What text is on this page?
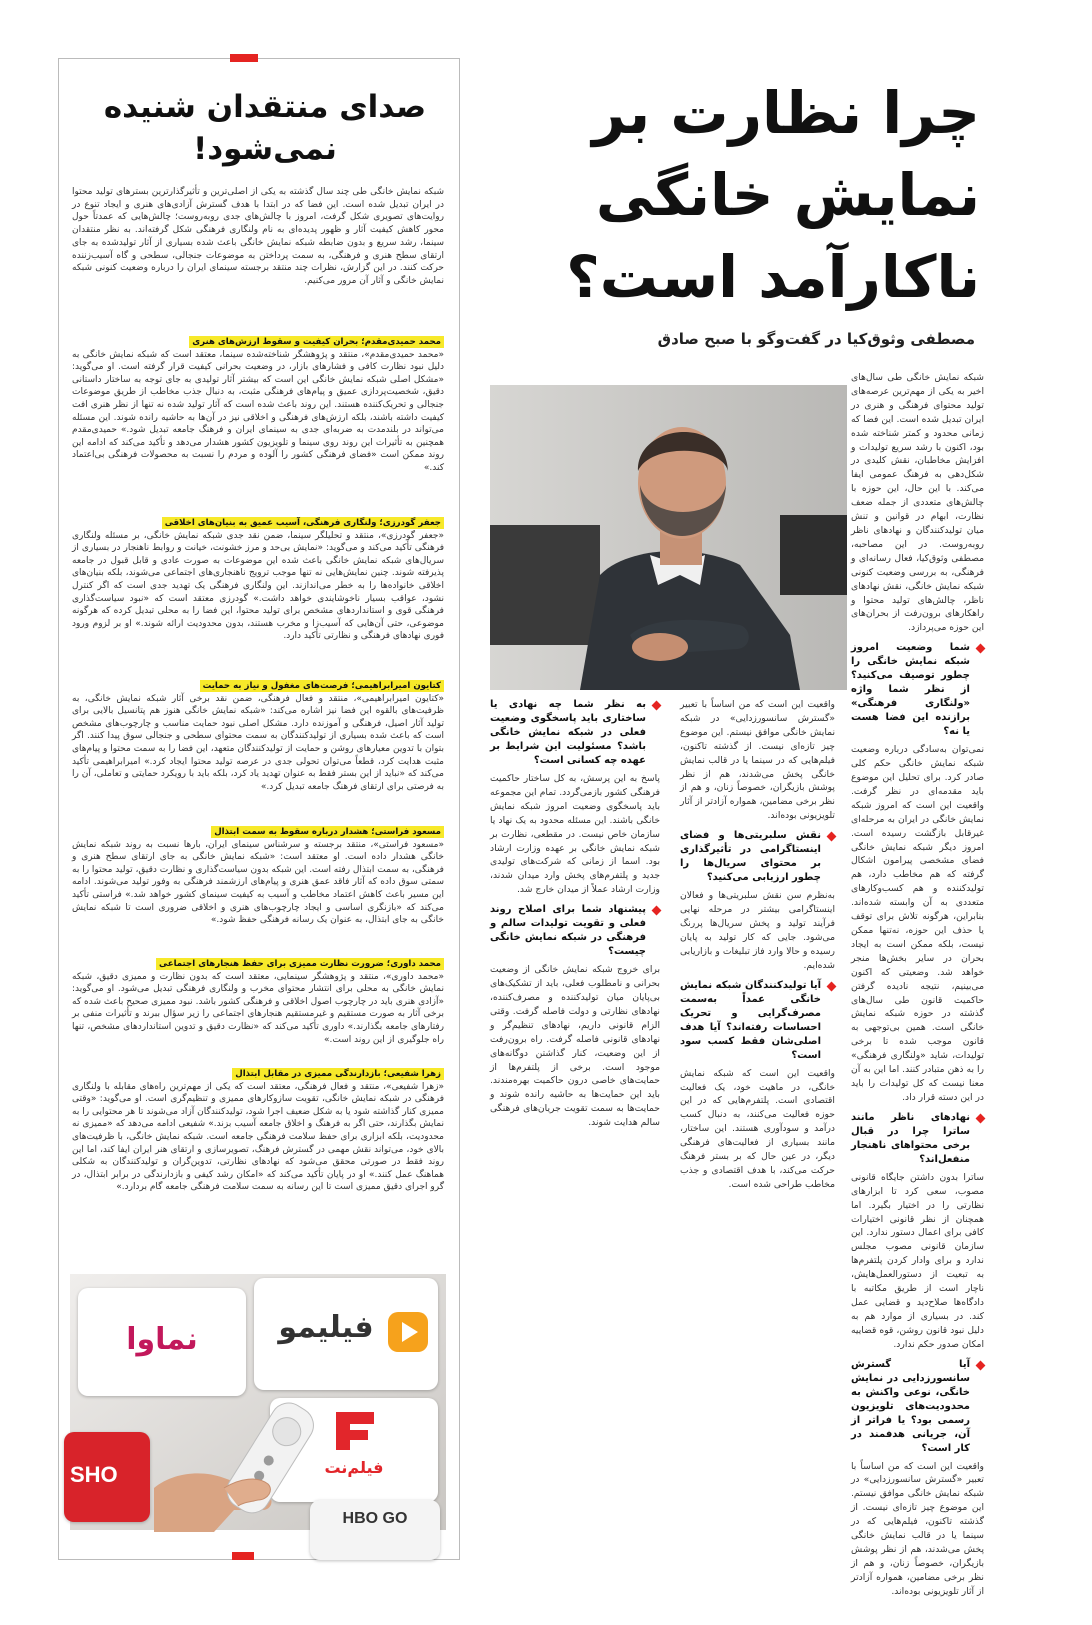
صدای منتقدان شنیده نمی‌شود!
شبکه نمایش خانگی طی چند سال گذشته به یکی از اصلی‌ترین و تأثیرگذارترین بسترهای تولید محتوا در ایران تبدیل شده است. این فضا که در ابتدا با هدف گسترش آزادی‌های هنری و ایجاد تنوع در روایت‌های تصویری شکل گرفت، امروز با چالش‌های جدی روبه‌روست؛ چالش‌هایی که عمدتاً حول محور کاهش کیفیت آثار و ظهور پدیده‌ای به نام ولنگاری فرهنگی شکل گرفته‌اند. به نظر منتقدان سینما، رشد سریع و بدون ضابطه شبکه نمایش خانگی باعث شده بسیاری از آثار تولیدشده به جای ارتقای سطح هنری و فرهنگی، به سمت پرداختن به موضوعات جنجالی، سطحی و گاه آسیب‌زننده حرکت کنند. در این گزارش، نظرات چند منتقد برجسته سینمای ایران را درباره وضعیت کنونی شبکه نمایش خانگی و آثار آن مرور می‌کنیم.
محمد حمیدی‌مقدم؛ بحران کیفیت و سقوط ارزش‌های هنری

«محمد حمیدی‌مقدم»، منتقد و پژوهشگر شناخته‌شده سینما، معتقد است که شبکه نمایش خانگی به دلیل نبود نظارت کافی و فشارهای بازار، در وضعیت بحرانی کیفیت قرار گرفته است. او می‌گوید: «مشکل اصلی شبکه نمایش خانگی این است که بیشتر آثار تولیدی به جای توجه به ساختار داستانی دقیق، شخصیت‌پردازی عمیق و پیام‌های فرهنگی مثبت، به دنبال جذب مخاطب از طریق موضوعات جنجالی و تحریک‌کننده هستند. این روند باعث شده است که آثار تولید شده نه تنها از نظر هنری افت کیفیت داشته باشند، بلکه ارزش‌های فرهنگی و اخلاقی نیز در آن‌ها به حاشیه رانده شوند. این مسئله می‌تواند در بلندمدت به ضربه‌ای جدی به سینمای ایران و فرهنگ جامعه تبدیل شود.» حمیدی‌مقدم همچنین به تأثیرات این روند روی سینما و تلویزیون کشور هشدار می‌دهد و تأکید می‌کند که ادامه این روند ممکن است «فضای فرهنگی کشور را آلوده و مردم را نسبت به محصولات فرهنگی بی‌اعتماد کند.»

جعفر گودرزی؛ ولنگاری فرهنگی، آسیب عمیق به بنیان‌های اخلاقی

«جعفر گودرزی»، منتقد و تحلیلگر سینما، ضمن نقد جدی شبکه نمایش خانگی، بر مسئله ولنگاری فرهنگی تأکید می‌کند و می‌گوید: «نمایش بی‌حد و مرز خشونت، خیانت و روابط ناهنجار در بسیاری از سریال‌های شبکه نمایش خانگی باعث شده این موضوعات به صورت عادی و قابل قبول در جامعه پذیرفته شوند. چنین نمایش‌هایی نه تنها موجب ترویج ناهنجاری‌های اجتماعی می‌شوند، بلکه بنیان‌های اخلاقی خانواده‌ها را به خطر می‌اندازند. این ولنگاری فرهنگی یک تهدید جدی است که اگر کنترل نشود، عواقب بسیار ناخوشایندی خواهد داشت.» گودرزی معتقد است که «نبود سیاست‌گذاری فرهنگی قوی و استانداردهای مشخص برای تولید محتوا، این فضا را به محلی تبدیل کرده که هرگونه موضوعی، حتی آن‌هایی که آسیب‌زا و مخرب هستند، بدون محدودیت ارائه شوند.» او بر لزوم ورود فوری نهادهای فرهنگی و نظارتی تأکید دارد.

کتایون امیرابراهیمی؛ فرصت‌های مغفول و نیاز به حمایت

«کتایون امیرابراهیمی»، منتقد و فعال فرهنگی، ضمن نقد برخی آثار شبکه نمایش خانگی، به ظرفیت‌های بالقوه این فضا نیز اشاره می‌کند: «شبکه نمایش خانگی هنوز هم پتانسیل بالایی برای تولید آثار اصیل، فرهنگی و آموزنده دارد. مشکل اصلی نبود حمایت مناسب و چارچوب‌های مشخص است که باعث شده بسیاری از تولیدکنندگان به سمت محتوای سطحی و جنجالی سوق پیدا کنند. اگر بتوان با تدوین معیارهای روشن و حمایت از تولیدکنندگان متعهد، این فضا را به سمت محتوا و پیام‌های مثبت هدایت کرد، قطعاً می‌توان تحولی جدی در عرصه تولید محتوا ایجاد کرد.» امیرابراهیمی تأکید می‌کند که «نباید از این بستر فقط به عنوان تهدید یاد کرد، بلکه باید با رویکرد حمایتی و تعاملی، آن را به فرصتی برای ارتقای فرهنگ جامعه تبدیل کرد.»

مسعود فراستی؛ هشدار درباره سقوط به سمت ابتذال

«مسعود فراستی»، منتقد برجسته و سرشناس سینمای ایران، بارها نسبت به روند شبکه نمایش خانگی هشدار داده است. او معتقد است: «شبکه نمایش خانگی به جای ارتقای سطح هنری و فرهنگی، به سمت ابتذال رفته است. این شبکه بدون سیاست‌گذاری و نظارت دقیق، تولید محتوا را به سمتی سوق داده که آثار فاقد عمق هنری و پیام‌های ارزشمند فرهنگی به وفور تولید می‌شوند. ادامه این مسیر باعث کاهش اعتماد مخاطب و آسیب به کیفیت سینمای کشور خواهد شد.» فراستی تأکید می‌کند که «بازنگری اساسی و ایجاد چارچوب‌های هنری و اخلاقی ضروری است تا شبکه نمایش خانگی به جای ابتذال، به عنوان یک رسانه فرهنگی حفظ شود.»

محمد داوری؛ ضرورت نظارت ممیزی برای حفظ هنجارهای اجتماعی

«محمد داوری»، منتقد و پژوهشگر سینمایی، معتقد است که بدون نظارت و ممیزی دقیق، شبکه نمایش خانگی به محلی برای انتشار محتوای مخرب و ولنگاری فرهنگی تبدیل می‌شود. او می‌گوید: «آزادی هنری باید در چارچوب اصول اخلاقی و فرهنگی کشور باشد. نبود ممیزی صحیح باعث شده که برخی آثار به صورت مستقیم و غیرمستقیم هنجارهای اجتماعی را زیر سؤال ببرند و تأثیرات منفی بر رفتارهای جامعه بگذارند.» داوری تأکید می‌کند که «نظارت دقیق و تدوین استانداردهای مشخص، تنها راه جلوگیری از این روند است.»

زهرا شفیعی؛ بازدارندگی ممیزی در مقابل ابتذال

«زهرا شفیعی»، منتقد و فعال فرهنگی، معتقد است که یکی از مهم‌ترین راه‌های مقابله با ولنگاری فرهنگی در شبکه نمایش خانگی، تقویت سازوکارهای ممیزی و تنظیم‌گری است. او می‌گوید: «وقتی ممیزی کنار گذاشته شود یا به شکل ضعیف اجرا شود، تولیدکنندگان آزاد می‌شوند تا هر محتوایی را به نمایش بگذارند، حتی اگر به فرهنگ و اخلاق جامعه آسیب بزند.» شفیعی ادامه می‌دهد که «ممیزی نه محدودیت، بلکه ابزاری برای حفظ سلامت فرهنگی جامعه است. شبکه نمایش خانگی، با ظرفیت‌های بالای خود، می‌تواند نقش مهمی در گسترش فرهنگ، تصویرسازی و ارتقای هنر ایران ایفا کند، اما این روند فقط در صورتی محقق می‌شود که نهادهای نظارتی، تدوین‌گران و تولیدکنندگان به شکلی هماهنگ عمل کنند.» او در پایان تأکید می‌کند که «امکان رشد کیفی و بازدارندگی در برابر ابتذال، در گرو اجرای دقیق ممیزی است تا این رسانه به سمت سلامت فرهنگی جامعه گام بردارد.»

نماوا	فیلیمو
فیلم‌نت
SHO
HBO GO
چرا نظارت بر نمایش خانگی ناکارآمد است؟
مصطفی وثوق‌کیا در گفت‌وگو با صبح صادق

شبکه نمایش خانگی طی سال‌های اخیر به یکی از مهم‌ترین عرصه‌های تولید محتوای فرهنگی و هنری در ایران تبدیل شده است. این فضا که زمانی محدود و کمتر شناخته شده بود، اکنون با رشد سریع تولیدات و افزایش مخاطبان، نقش کلیدی در شکل‌دهی به فرهنگ عمومی ایفا می‌کند. با این حال، این حوزه با چالش‌های متعددی از جمله ضعف نظارت، ابهام در قوانین و تنش میان تولیدکنندگان و نهادهای ناظر روبه‌روست. در این مصاحبه، مصطفی وثوق‌کیا، فعال رسانه‌ای و فرهنگی، به بررسی وضعیت کنونی شبکه نمایش خانگی، نقش نهادهای ناظر، چالش‌های تولید محتوا و راهکارهای برون‌رفت از بحران‌های این حوزه می‌پردازد.

شما وضعیت امروز شبکه نمایش خانگی را چطور توصیف می‌کنید؟ از نظر شما واژه «ولنگاری فرهنگی» برازنده این فضا هست یا نه؟

نمی‌توان به‌سادگی درباره وضعیت شبکه نمایش خانگی حکم کلی صادر کرد. برای تحلیل این موضوع باید مقدمه‌ای در نظر گرفت. واقعیت این است که امروز شبکه نمایش خانگی در ایران به مرحله‌ای غیرقابل بازگشت رسیده است. امروز دیگر شبکه نمایش خانگی فضای مشخصی پیرامون اشکال گرفته که هم مخاطب دارد، هم تولیدکننده و هم کسب‌وکارهای متعددی به آن وابسته شده‌اند. بنابراین، هرگونه تلاش برای توقف یا حذف این حوزه، نه‌تنها ممکن نیست، بلکه ممکن است به ایجاد بحران در سایر بخش‌ها منجر خواهد شد. وضعیتی که اکنون می‌بینیم، نتیجه نادیده گرفتن حاکمیت قانون طی سال‌های گذشته در حوزه شبکه نمایش خانگی است. همین بی‌توجهی به قانون موجب شده تا برخی تولیدات، شاید «ولنگاری فرهنگی» را به ذهن متبادر کنند. اما این به آن معنا نیست که کل تولیدات را باید در این دسته قرار داد.

نهادهای ناظر مانند ساترا چرا در قبال برخی محتواهای ناهنجار منفعل‌اند؟

ساترا بدون داشتن جایگاه قانونی مصوب، سعی کرد تا ابزارهای نظارتی را در اختیار بگیرد. اما همچنان از نظر قانونی اختیارات کافی برای اعمال دستور ندارد. این سازمان قانونی مصوب مجلس ندارد و برای وادار کردن پلتفرم‌ها به تبعیت از دستورالعمل‌هایش، ناچار است از طریق مکاتبه با دادگاه‌ها صلاح‌دید و قضایی عمل کند. در بسیاری از موارد هم به دلیل نبود قانون روشن، قوه قضاییه امکان صدور حکم ندارد.

آیا گسترش سانسورزدایی در نمایش خانگی، نوعی واکنش به محدودیت‌های تلویزیون رسمی بود؟ یا فراتر از آن، جریانی هدفمند در کار است؟

واقعیت این است که من اساساً با تعبیر «گسترش سانسورزدایی» در شبکه نمایش خانگی موافق نیستم. این موضوع چیز تازه‌ای نیست. از گذشته تاکنون، فیلم‌هایی که در سینما یا در قالب نمایش خانگی پخش می‌شدند، هم از نظر پوشش بازیگران، خصوصاً زنان، و هم از نظر برخی مضامین، همواره آزادتر از آثار تلویزیونی بوده‌اند.

واقعیت این است که من اساساً با تعبیر «گسترش سانسورزدایی» در شبکه نمایش خانگی موافق نیستم. این موضوع چیز تازه‌ای نیست. از گذشته تاکنون، فیلم‌هایی که در سینما یا در قالب نمایش خانگی پخش می‌شدند، هم از نظر پوشش بازیگران، خصوصاً زنان، و هم از نظر برخی مضامین، همواره آزادتر از آثار تلویزیونی بوده‌اند.

نقش سلبریتی‌ها و فضای اینستاگرامی در تأثیرگذاری بر محتوای سریال‌ها را چطور ارزیابی می‌کنید؟

به‌نظرم سن نقش سلبریتی‌ها و فعالان اینستاگرامی بیشتر در مرحله نهایی فرآیند تولید و پخش سریال‌ها پررنگ می‌شود. جایی که کار تولید به پایان رسیده و حالا وارد فاز تبلیغات و بازاریابی شده‌ایم.

آیا تولیدکنندگان شبکه نمایش خانگی عمداً به‌سمت مصرف‌گرایی و تحریک احساسات رفته‌اند؟ آیا هدف اصلی‌شان فقط کسب سود است؟

واقعیت این است که شبکه نمایش خانگی، در ماهیت خود، یک فعالیت اقتصادی است. پلتفرم‌هایی که در این حوزه فعالیت می‌کنند، به دنبال کسب درآمد و سودآوری هستند. این ساختار، مانند بسیاری از فعالیت‌های فرهنگی دیگر، در عین حال که بر بستر فرهنگ حرکت می‌کند، با هدف اقتصادی و جذب مخاطب طراحی شده است.

به نظر شما چه نهادی یا ساختاری باید پاسخگوی وضعیت فعلی در شبکه نمایش خانگی باشد؟ مسئولیت این شرایط بر عهده چه کسانی است؟

پاسخ به این پرسش، به کل ساختار حاکمیت فرهنگی کشور بازمی‌گردد. تمام این مجموعه باید پاسخگوی وضعیت امروز شبکه نمایش خانگی باشند. این مسئله محدود به یک نهاد یا سازمان خاص نیست. در مقطعی، نظارت بر شبکه نمایش خانگی بر عهده وزارت ارشاد بود. اسما از زمانی که شرکت‌های تولیدی جدید و پلتفرم‌های پخش وارد میدان شدند، وزارت ارشاد عملاً از میدان خارج شد.

پیشنهاد شما برای اصلاح روند فعلی و تقویت تولیدات سالم و فرهنگی در شبکه نمایش خانگی چیست؟

برای خروج شبکه نمایش خانگی از وضعیت بحرانی و نامطلوب فعلی، باید از تشکیک‌های بی‌پایان میان تولیدکننده و مصرف‌کننده، نهادهای نظارتی و دولت فاصله گرفت. وقتی الزام قانونی داریم، نهادهای تنظیم‌گر و نهادهای قانونی فاصله گرفت. راه برون‌رفت از این وضعیت، کنار گذاشتن دوگانه‌های موجود است. برخی از پلتفرم‌ها از حمایت‌های خاصی درون حاکمیت بهره‌مندند. باید این حمایت‌ها به حاشیه رانده شوند و حمایت‌ها به سمت تقویت جریان‌های فرهنگی سالم هدایت شوند.
